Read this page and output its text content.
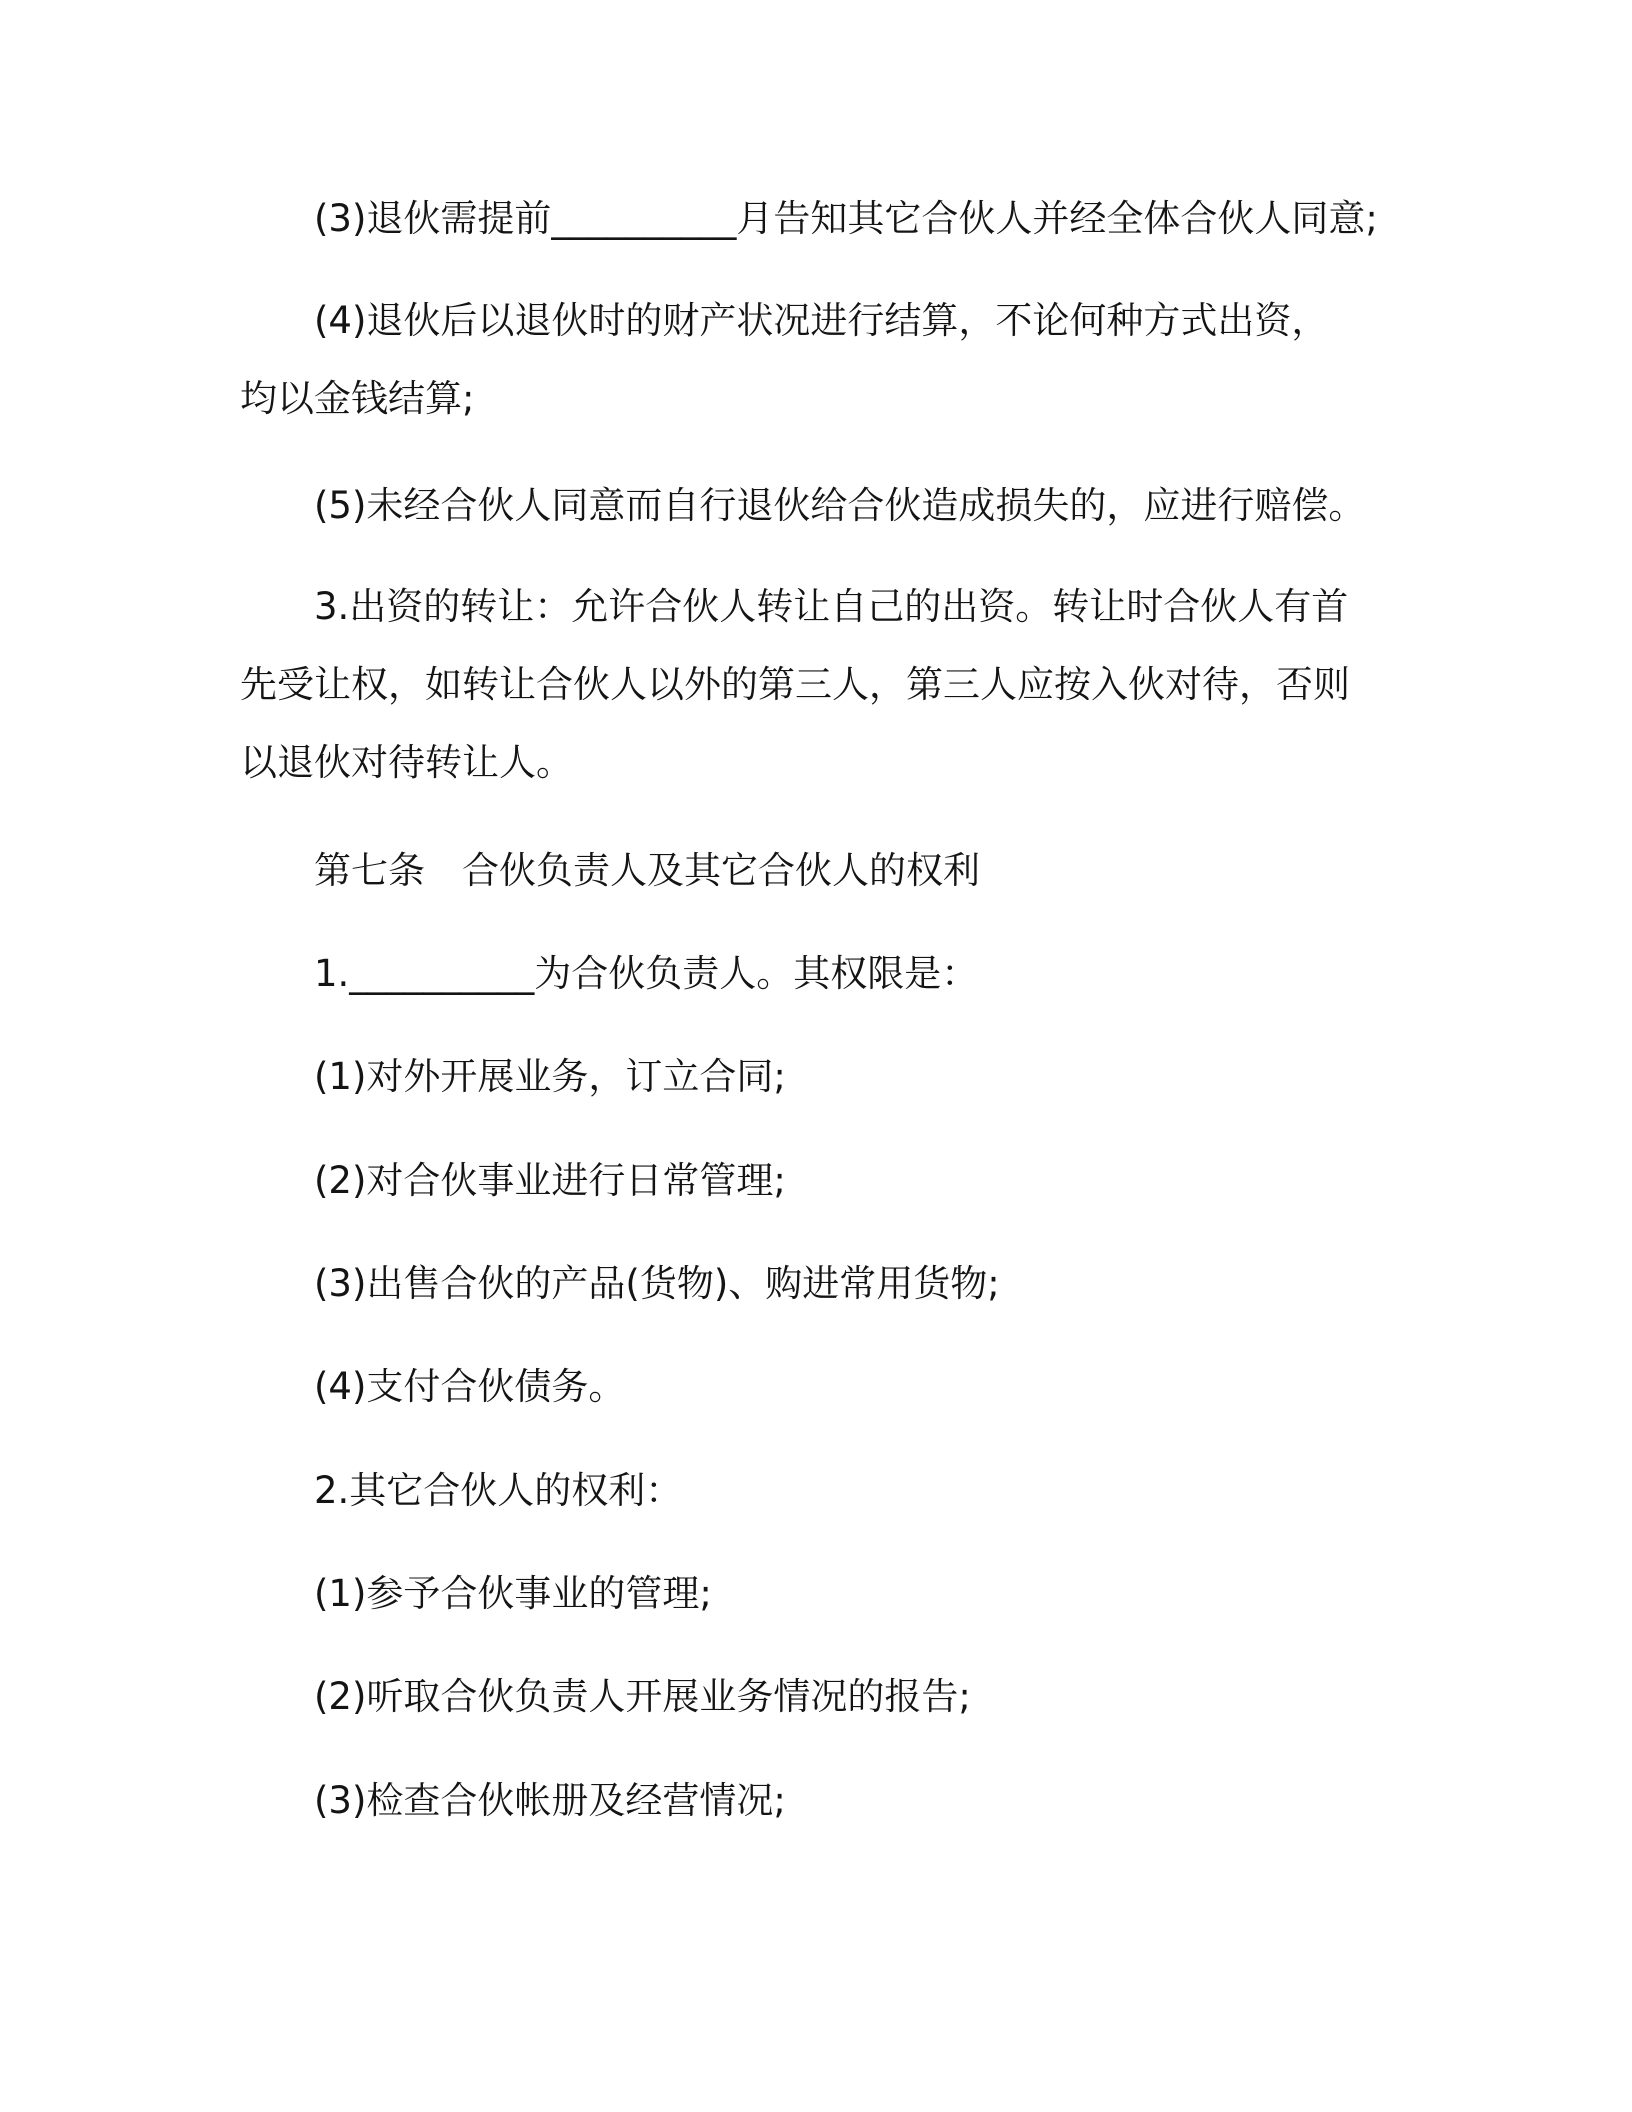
(3)退伙需提前__________月告知其它合伙人并经全体合伙人同意;
(4)退伙后以退伙时的财产状况进行结算，不论何种方式出资，均以金钱结算;
(5)未经合伙人同意而自行退伙给合伙造成损失的，应进行赔偿。
3.出资的转让：允许合伙人转让自己的出资。转让时合伙人有首先受让权，如转让合伙人以外的第三人，第三人应按入伙对待，否则以退伙对待转让人。
第七条　合伙负责人及其它合伙人的权利
1.__________为合伙负责人。其权限是：
(1)对外开展业务，订立合同;
(2)对合伙事业进行日常管理;
(3)出售合伙的产品(货物)、购进常用货物;
(4)支付合伙债务。
2.其它合伙人的权利：
(1)参予合伙事业的管理;
(2)听取合伙负责人开展业务情况的报告;
(3)检查合伙帐册及经营情况;
